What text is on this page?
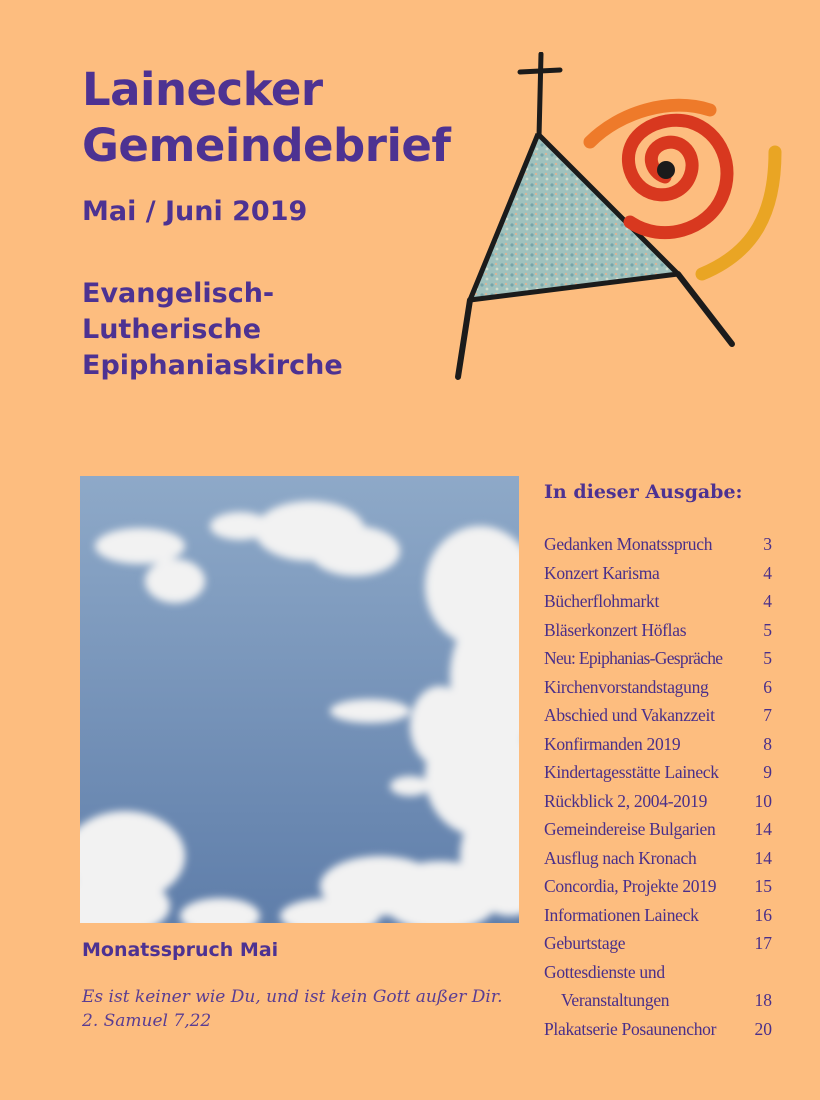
Lainecker
Gemeindebrief

Mai / Juni 2019

Evangelisch-
Lutherische
Epiphaniaskirche

Monatsspruch Mai

Es ist keiner wie Du, und ist kein Gott außer Dir.
2. Samuel 7,22

In dieser Ausgabe:

Gedanken Monatsspruch	3
Konzert Karisma	4
Bücherflohmarkt	4
Bläserkonzert Höflas	5
Neu: Epiphanias-Gespräche 5
Kirchenvorstandstagung	6
Abschied und Vakanzzeit	7
Konfirmanden 2019	8
Kindertagesstätte Laineck	9
Rückblick 2, 2004-2019	10
Gemeindereise Bulgarien 14
Ausflug nach Kronach	14
Concordia, Projekte 2019 15
Informationen Laineck	16
Geburtstage	17
Gottesdienste und
Veranstaltungen	18
Plakatserie Posaunenchor 20
